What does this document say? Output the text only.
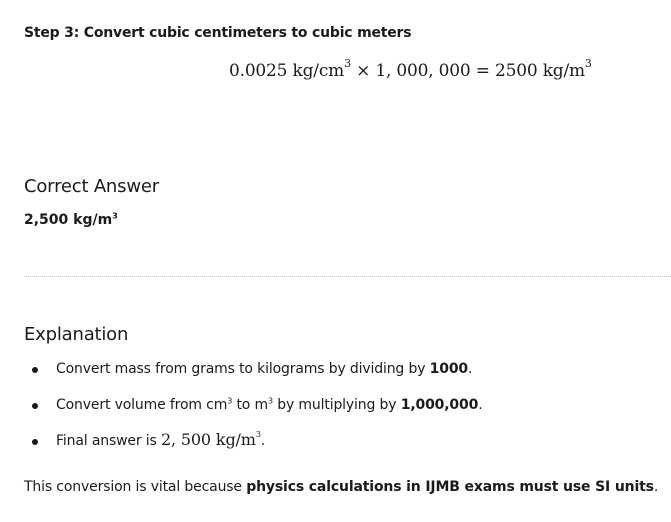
Step 3: Convert cubic centimeters to cubic meters
0.0025 $kg/cm^3 \times 1$, 000, 000 = 2500 $kg/m^3$
Correct Answer
2,500 $kg/m^3$
Explanation
Convert mass from grams to kilograms by dividing by 1000.
Convert volume from $cm^3$ to $m^3$ by multiplying by 1,000,000.
Final answer is 2, 500 $kg/m^3$.
This conversion is vital because physics calculations in IJMB exams must use SI units.
